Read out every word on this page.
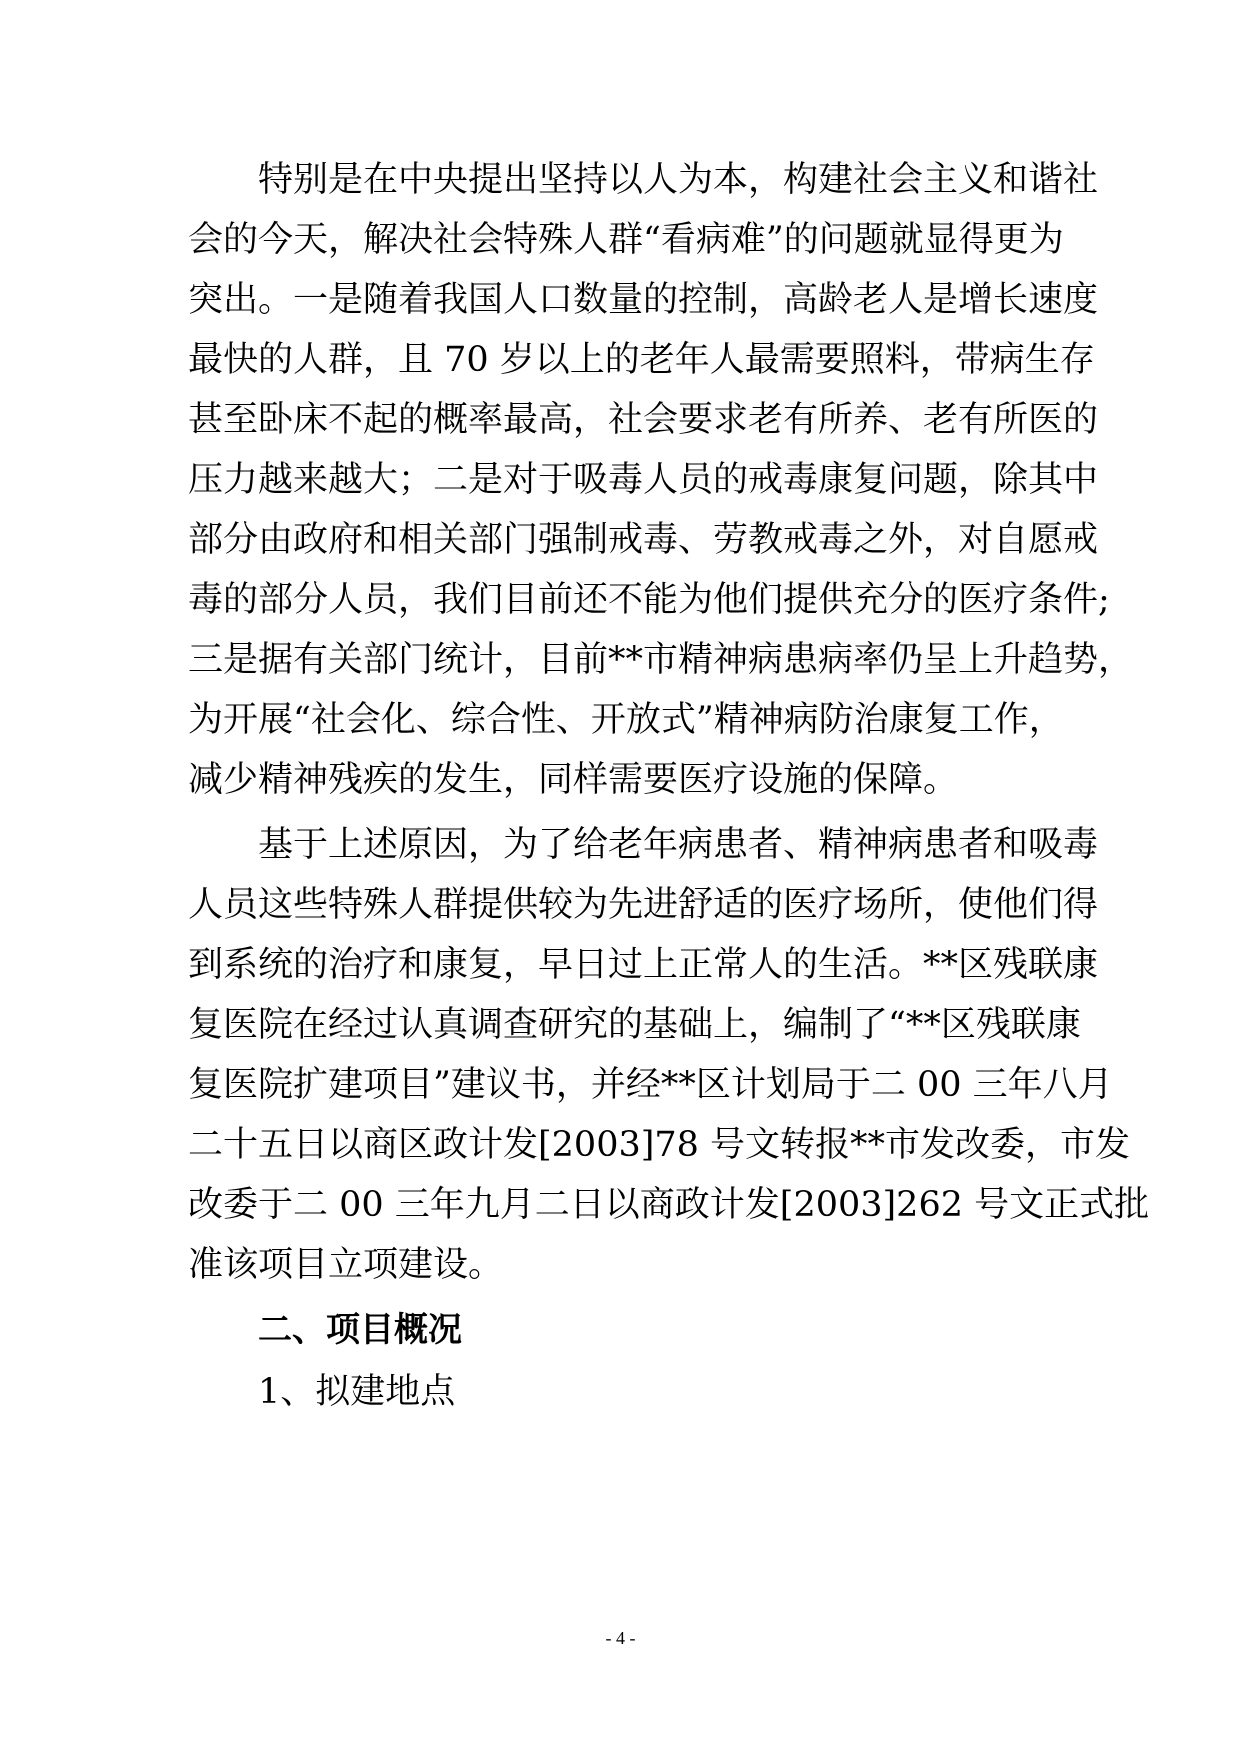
特别是在中央提出坚持以人为本，构建社会主义和谐社
会的今天，解决社会特殊人群“看病难”的问题就显得更为
突出。一是随着我国人口数量的控制，高龄老人是增长速度
最快的人群，且 70 岁以上的老年人最需要照料，带病生存
甚至卧床不起的概率最高，社会要求老有所养、老有所医的
压力越来越大；二是对于吸毒人员的戒毒康复问题，除其中
部分由政府和相关部门强制戒毒、劳教戒毒之外，对自愿戒
毒的部分人员，我们目前还不能为他们提供充分的医疗条件;
三是据有关部门统计，目前**市精神病患病率仍呈上升趋势，
为开展“社会化、综合性、开放式”精神病防治康复工作，
减少精神残疾的发生，同样需要医疗设施的保障。
基于上述原因，为了给老年病患者、精神病患者和吸毒
人员这些特殊人群提供较为先进舒适的医疗场所，使他们得
到系统的治疗和康复，早日过上正常人的生活。**区残联康
复医院在经过认真调查研究的基础上，编制了“**区残联康
复医院扩建项目”建议书，并经**区计划局于二 00 三年八月
二十五日以商区政计发[2003]78 号文转报**市发改委，市发
改委于二 00 三年九月二日以商政计发[2003]262 号文正式批
准该项目立项建设。
二、项目概况
1、拟建地点
- 4 -
